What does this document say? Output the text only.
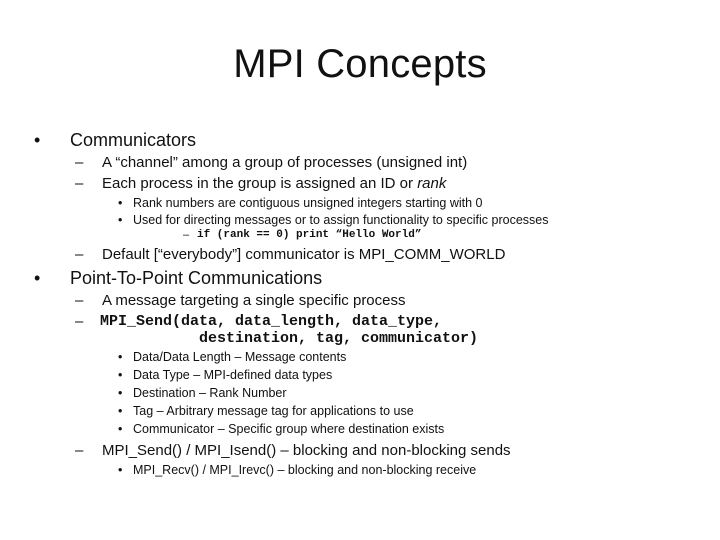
MPI Concepts
• Communicators
– A “channel” among a group of processes (unsigned int)
– Each process in the group is assigned an ID or rank
• Rank numbers are contiguous unsigned integers starting with 0
• Used for directing messages or to assign functionality to specific processes
– if (rank == 0) print “Hello World”
– Default [“everybody”] communicator is MPI_COMM_WORLD
• Point-To-Point Communications
– A message targeting a single specific process
– MPI_Send(data, data_length, data_type,
destination, tag, communicator)
• Data/Data Length – Message contents
• Data Type – MPI-defined data types
• Destination – Rank Number
• Tag – Arbitrary message tag for applications to use
• Communicator – Specific group where destination exists
– MPI_Send() / MPI_Isend() – blocking and non-blocking sends
• MPI_Recv() / MPI_Irevc() – blocking and non-blocking receive
